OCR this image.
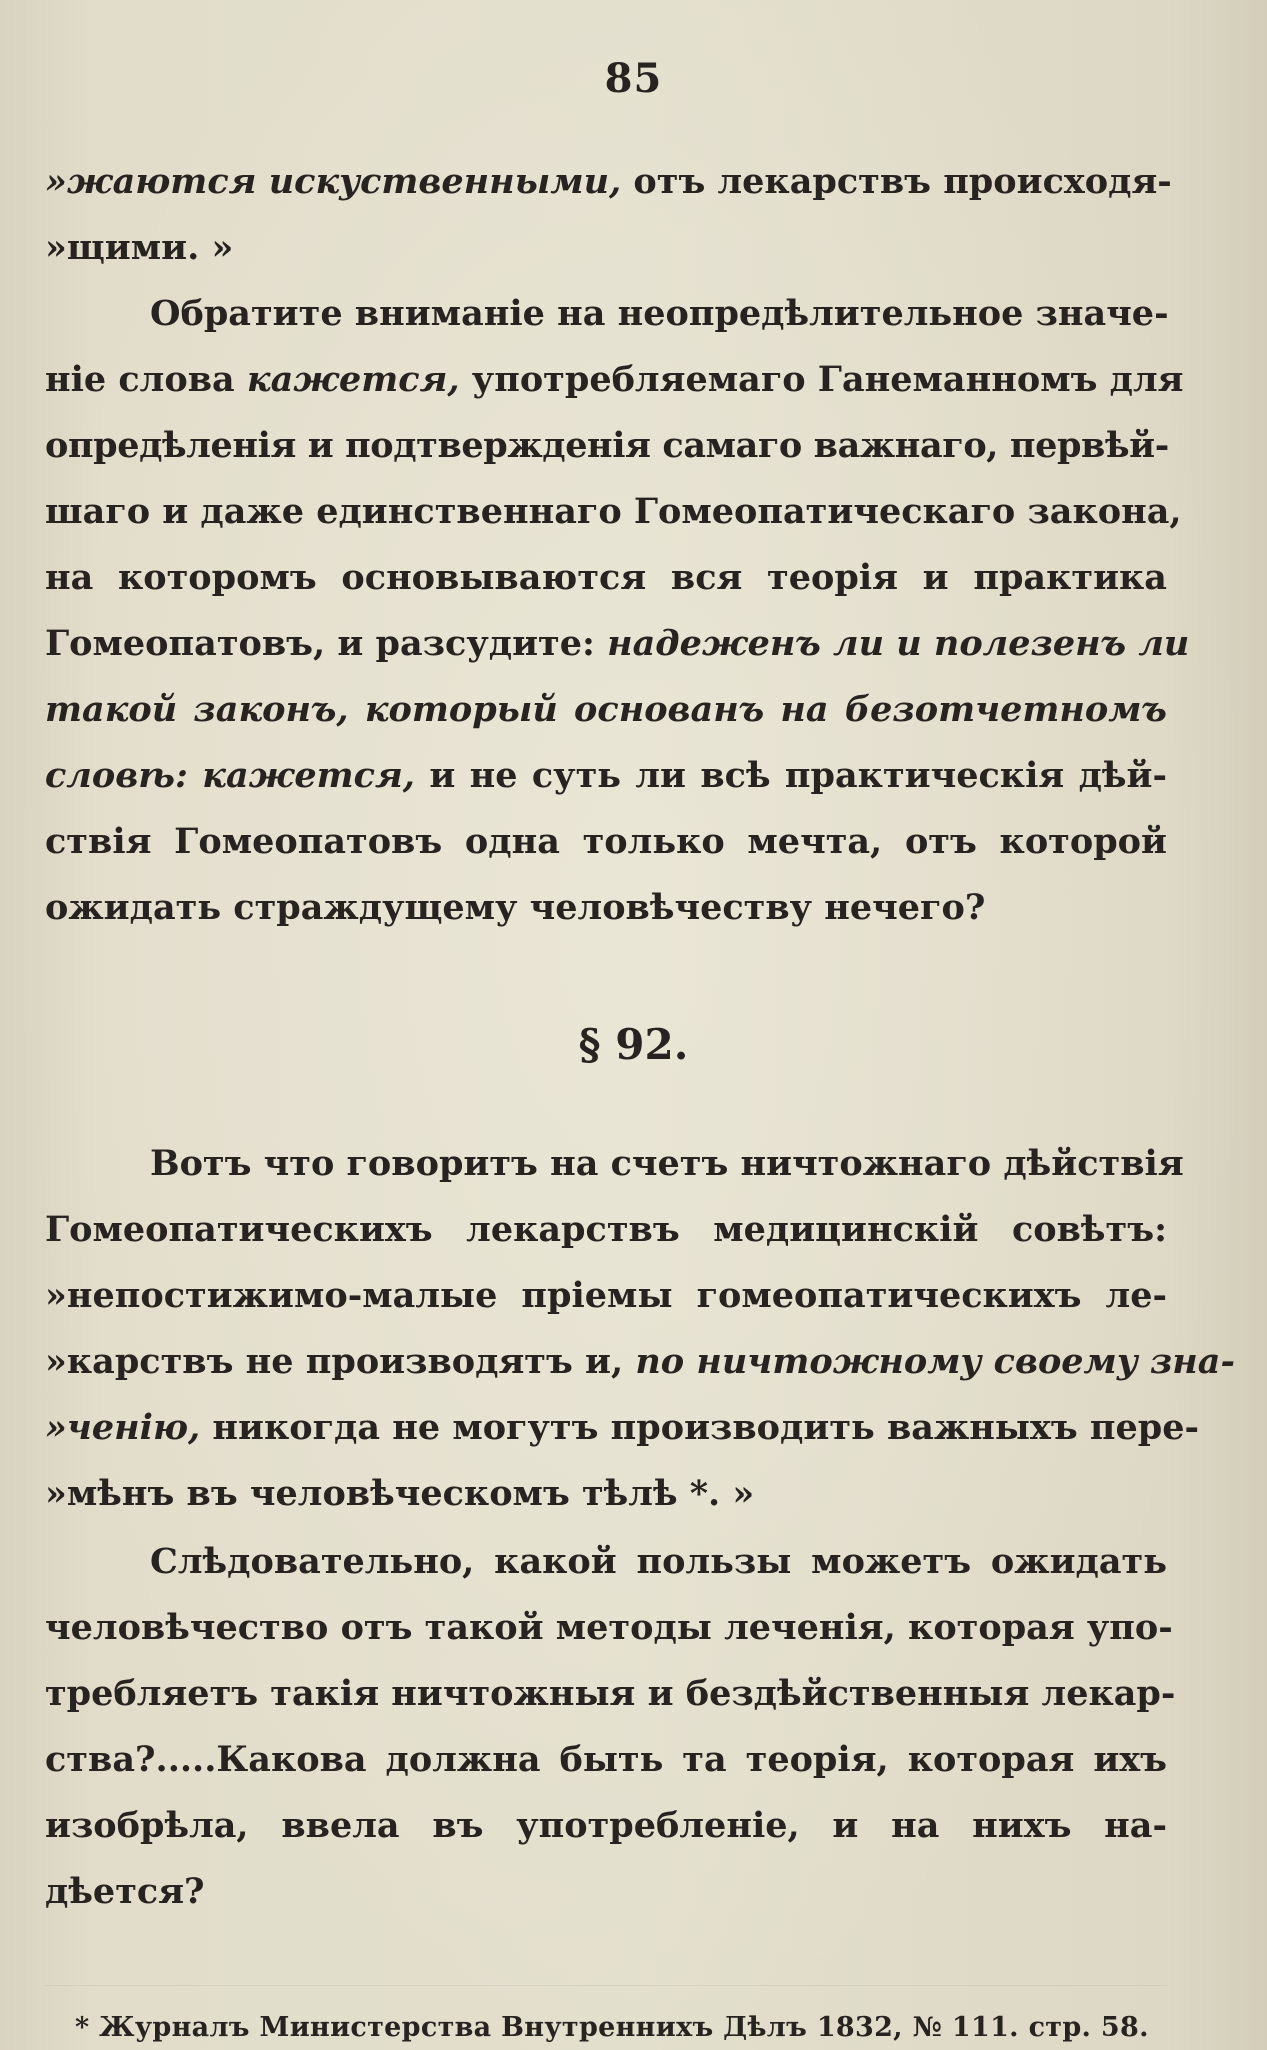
85
»жаются искуственными, отъ лекарствъ происходя-
»щими. »
Обратите вниманіе на неопредѣлительное значе-
ніе слова кажется, употребляемаго Ганеманномъ для
опредѣленія и подтвержденія самаго важнаго, первѣй-
шаго и даже единственнаго Гомеопатическаго закона,
на которомъ основываются вся теорія и практика
Гомеопатовъ, и разсудите: надеженъ ли и полезенъ ли
такой законъ, который основанъ на безотчетномъ
словѣ: кажется, и не суть ли всѣ практическія дѣй-
ствія Гомеопатовъ одна только мечта, отъ которой
ожидать страждущему человѣчеству нечего?
§ 92.
Вотъ что говоритъ на счетъ ничтожнаго дѣйствія
Гомеопатическихъ лекарствъ медицинскій совѣтъ:
»непостижимо-малые пріемы гомеопатическихъ ле-
»карствъ не производятъ и, по ничтожному своему зна-
»ченію, никогда не могутъ производить важныхъ пере-
»мѣнъ въ человѣческомъ тѣлѣ *. »
Слѣдовательно, какой пользы можетъ ожидать
человѣчество отъ такой методы леченія, которая упо-
требляетъ такія ничтожныя и бездѣйственныя лекар-
ства?.....Какова должна быть та теорія, которая ихъ
изобрѣла, ввела въ употребленіе, и на нихъ на-
дѣется?
* Журналъ Министерства Внутреннихъ Дѣлъ 1832, № 111. стр. 58.
